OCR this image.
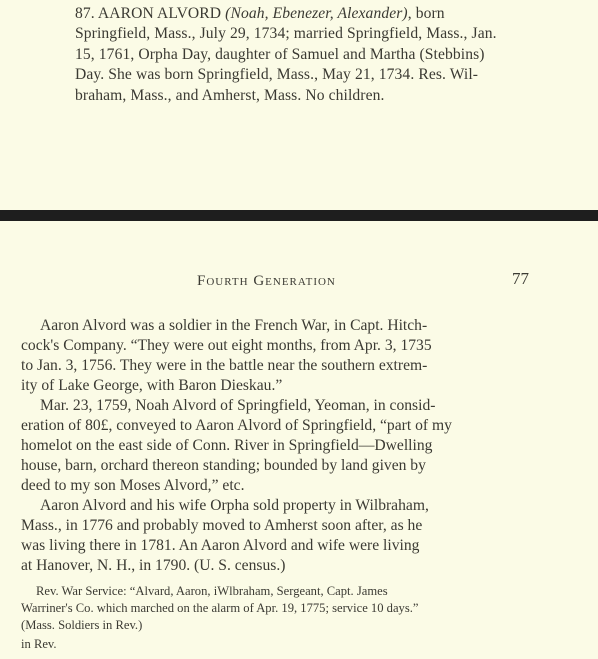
87. AARON ALVORD (Noah, Ebenezer, Alexander), born
Springfield, Mass., July 29, 1734; married Springfield, Mass., Jan.
15, 1761, Orpha Day, daughter of Samuel and Martha (Stebbins)
Day. She was born Springfield, Mass., May 21, 1734. Res. Wil-
braham, Mass., and Amherst, Mass. No children.
Fourth Generation	77
Aaron Alvord was a soldier in the French War, in Capt. Hitch-
cock's Company. “They were out eight months, from Apr. 3, 1735
to Jan. 3, 1756. They were in the battle near the southern extrem-
ity of Lake George, with Baron Dieskau.”
Mar. 23, 1759, Noah Alvord of Springfield, Yeoman, in consid-
eration of 80£, conveyed to Aaron Alvord of Springfield, “part of my
homelot on the east side of Conn. River in Springfield—Dwelling
house, barn, orchard thereon standing; bounded by land given by
deed to my son Moses Alvord,” etc.
Aaron Alvord and his wife Orpha sold property in Wilbraham,
Mass., in 1776 and probably moved to Amherst soon after, as he
was living there in 1781. An Aaron Alvord and wife were living
at Hanover, N. H., in 1790. (U. S. census.)
Rev. War Service: “Alvard, Aaron, iWlbraham, Sergeant, Capt. James
Warriner's Co. which marched on the alarm of Apr. 19, 1775; service 10 days.”
(Mass. Soldiers in Rev.)
in Rev.
